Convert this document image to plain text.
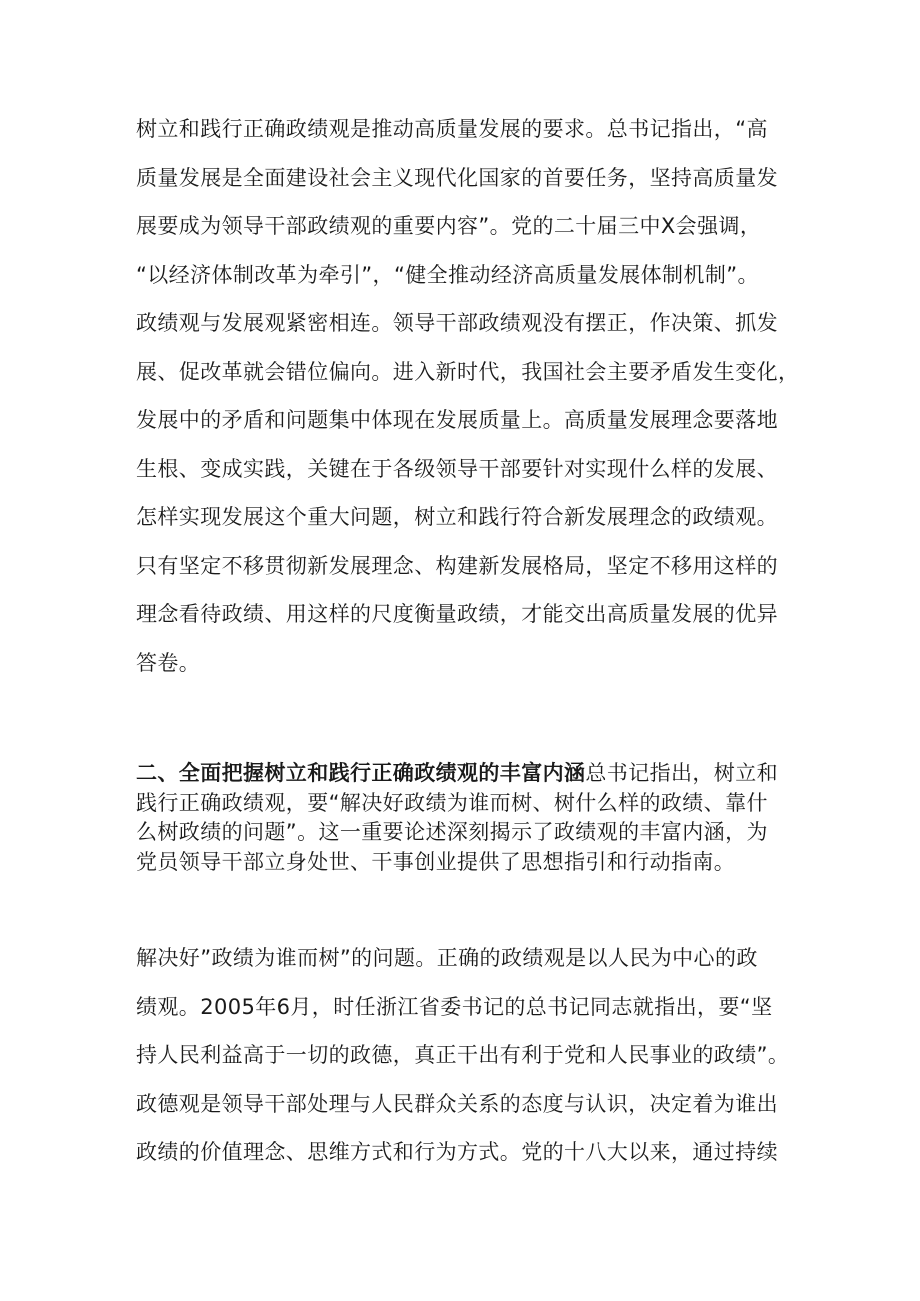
树立和践行正确政绩观是推动高质量发展的要求。总书记指出，“高
质量发展是全面建设社会主义现代化国家的首要任务，坚持高质量发
展要成为领导干部政绩观的重要内容”。党的二十届三中X会强调，
“以经济体制改革为牵引”，“健全推动经济高质量发展体制机制”。
政绩观与发展观紧密相连。领导干部政绩观没有摆正，作决策、抓发
展、促改革就会错位偏向。进入新时代，我国社会主要矛盾发生变化，
发展中的矛盾和问题集中体现在发展质量上。高质量发展理念要落地
生根、变成实践，关键在于各级领导干部要针对实现什么样的发展、
怎样实现发展这个重大问题，树立和践行符合新发展理念的政绩观。
只有坚定不移贯彻新发展理念、构建新发展格局，坚定不移用这样的
理念看待政绩、用这样的尺度衡量政绩，才能交出高质量发展的优异
答卷。
二、全面把握树立和践行正确政绩观的丰富内涵总书记指出，树立和
践行正确政绩观，要“解决好政绩为谁而树、树什么样的政绩、靠什
么树政绩的问题”。这一重要论述深刻揭示了政绩观的丰富内涵，为
党员领导干部立身处世、干事创业提供了思想指引和行动指南。
解决好”政绩为谁而树”的问题。正确的政绩观是以人民为中心的政
绩观。2005年6月，时任浙江省委书记的总书记同志就指出，要“坚
持人民利益高于一切的政德，真正干出有利于党和人民事业的政绩”。
政德观是领导干部处理与人民群众关系的态度与认识，决定着为谁出
政绩的价值理念、思维方式和行为方式。党的十八大以来，通过持续
